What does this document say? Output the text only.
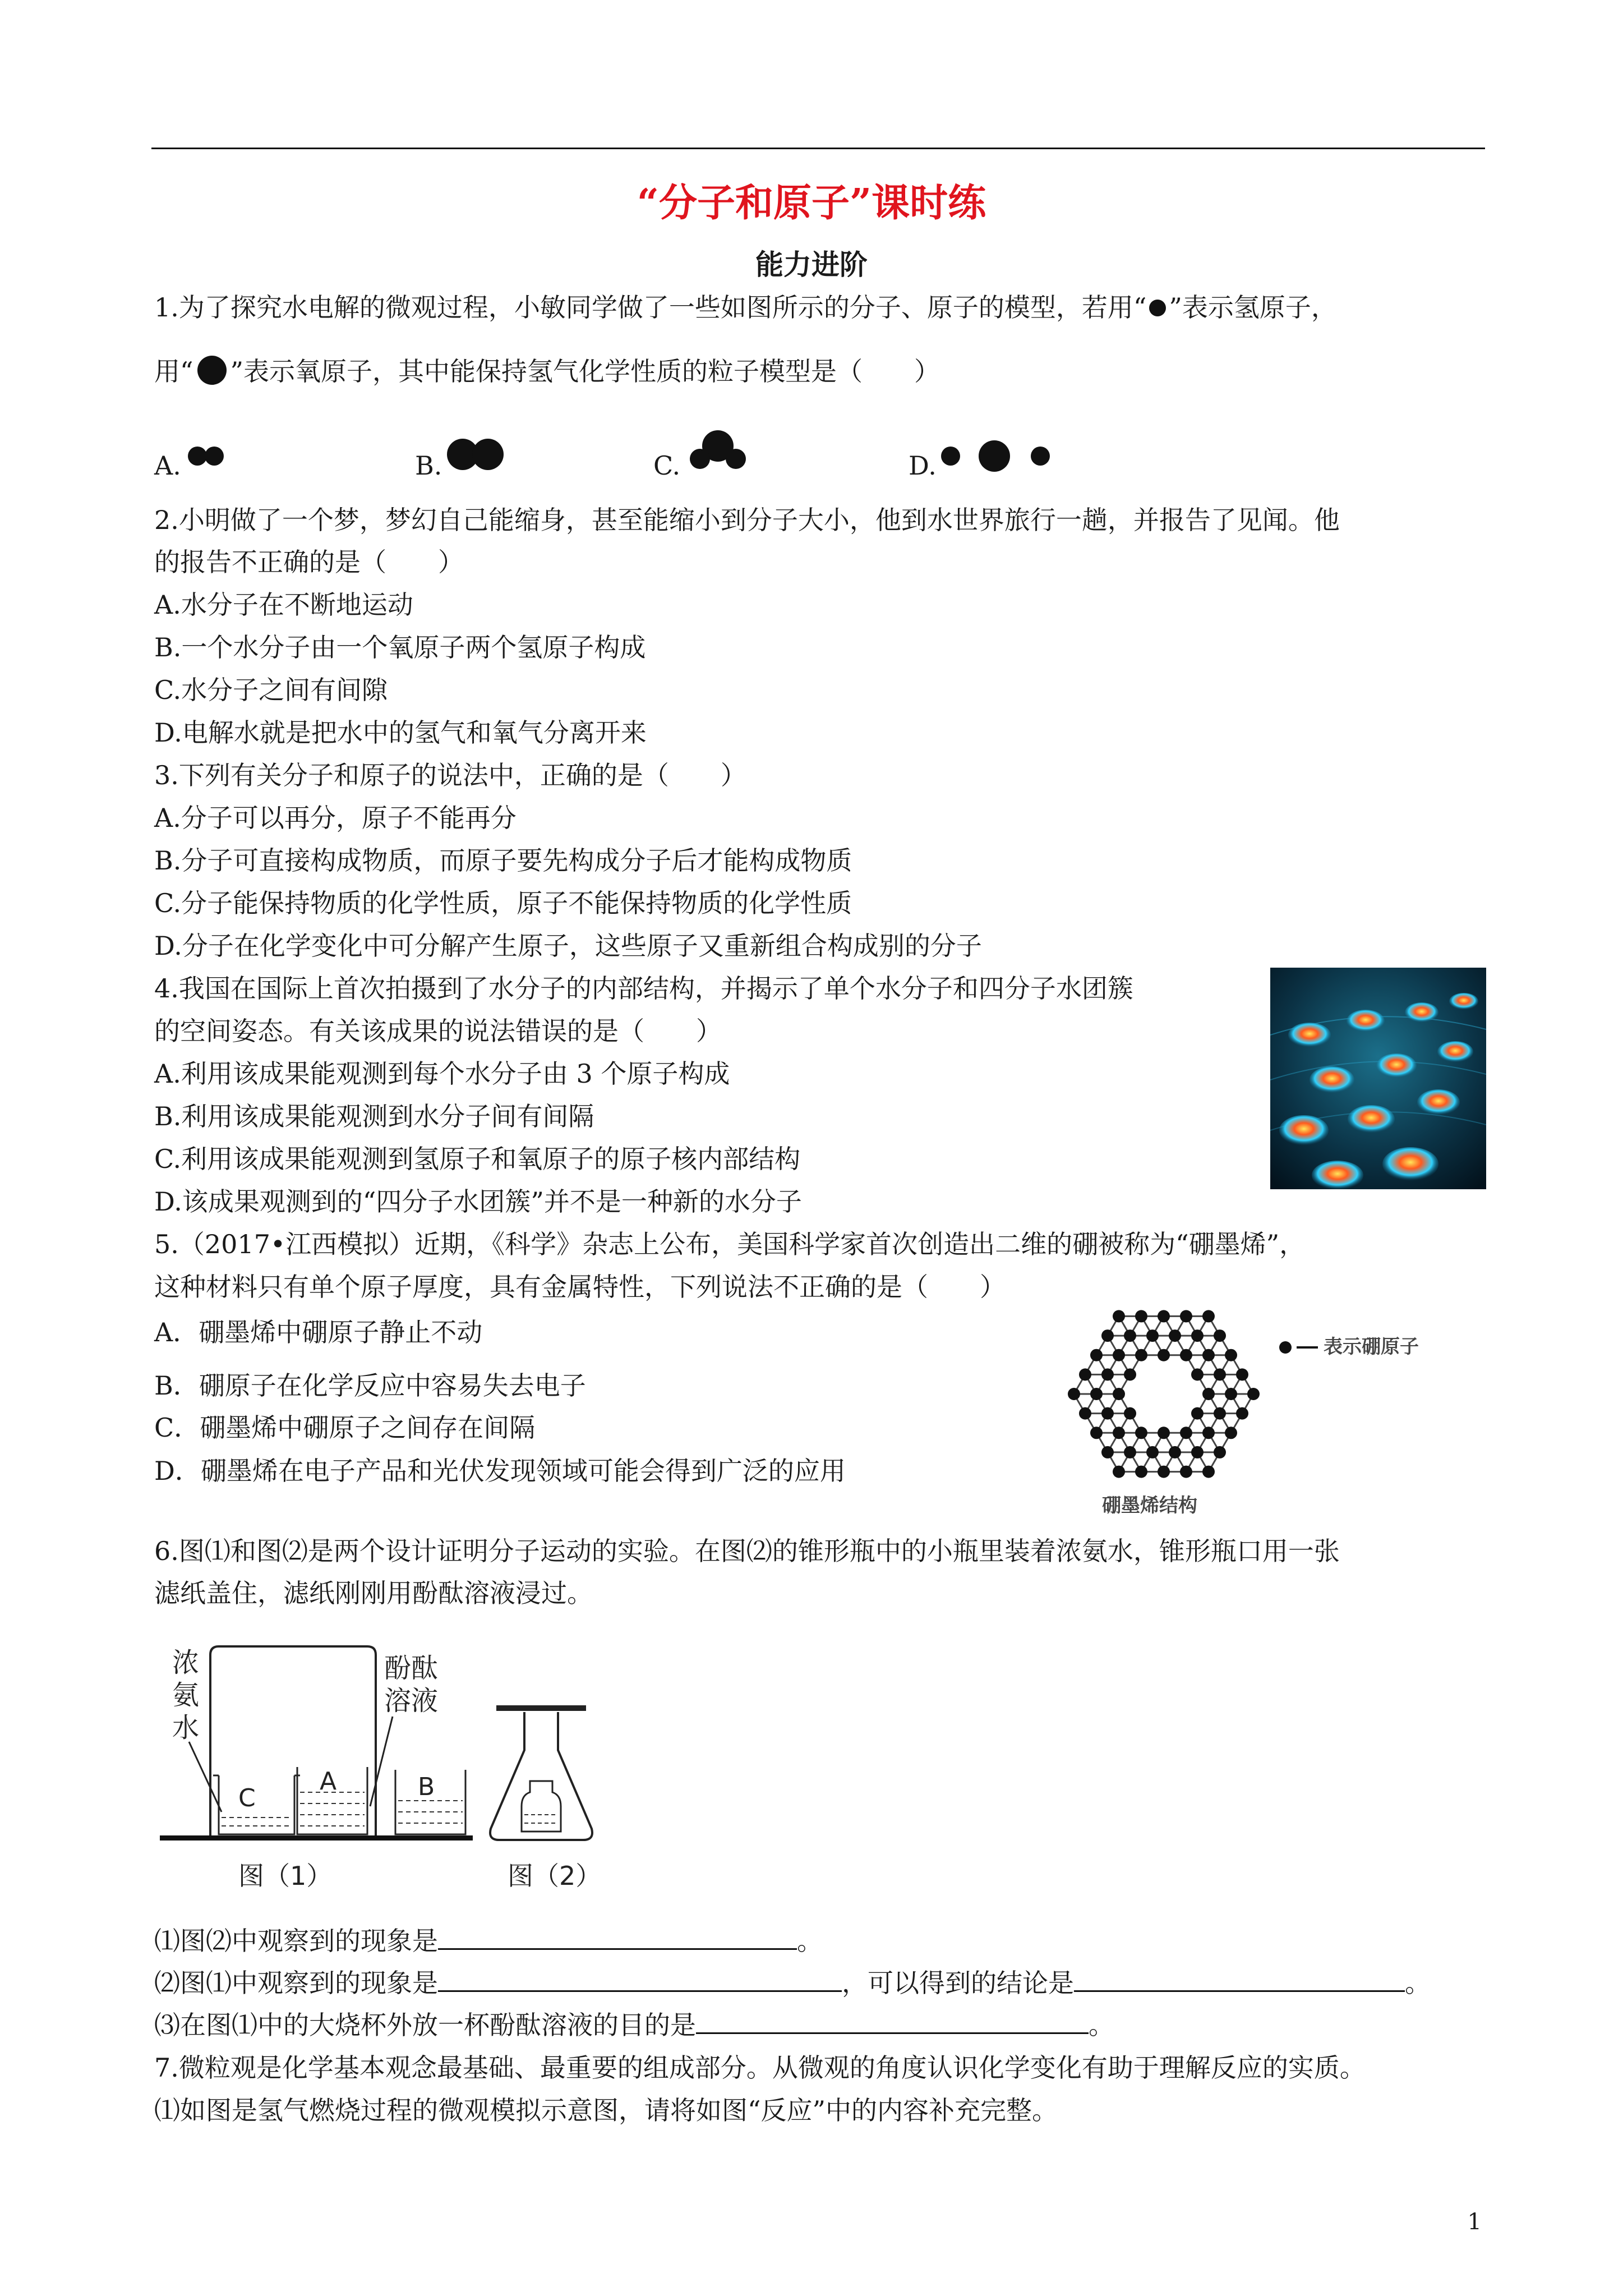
“分子和原子”课时练
能力进阶
1.为了探究水电解的微观过程，小敏同学做了一些如图所示的分子、原子的模型，若用“ ”表示氢原子，
用“ ”表示氧原子，其中能保持氢气化学性质的粒子模型是（　　）
A.	B.	C.	D.
2.小明做了一个梦，梦幻自己能缩身，甚至能缩小到分子大小，他到水世界旅行一趟，并报告了见闻。他
的报告不正确的是（　　）
A.水分子在不断地运动
B.一个水分子由一个氧原子两个氢原子构成
C.水分子之间有间隙
D.电解水就是把水中的氢气和氧气分离开来
3.下列有关分子和原子的说法中，正确的是（　　）
A.分子可以再分，原子不能再分
B.分子可直接构成物质，而原子要先构成分子后才能构成物质
C.分子能保持物质的化学性质，原子不能保持物质的化学性质
D.分子在化学变化中可分解产生原子，这些原子又重新组合构成别的分子
4.我国在国际上首次拍摄到了水分子的内部结构，并揭示了单个水分子和四分子水团簇
的空间姿态。有关该成果的说法错误的是（　　）
A.利用该成果能观测到每个水分子由 3 个原子构成
B.利用该成果能观测到水分子间有间隔
C.利用该成果能观测到氢原子和氧原子的原子核内部结构
D.该成果观测到的“四分子水团簇”并不是一种新的水分子
5.（2017•江西模拟）近期，《科学》杂志上公布，美国科学家首次创造出二维的硼被称为“硼墨烯”，
这种材料只有单个原子厚度，具有金属特性，下列说法不正确的是（　　）
A．硼墨烯中硼原子静止不动
B．硼原子在化学反应中容易失去电子
C．硼墨烯中硼原子之间存在间隔
D．硼墨烯在电子产品和光伏发现领域可能会得到广泛的应用
表示硼原子
硼墨烯结构
6.图⑴和图⑵是两个设计证明分子运动的实验。在图⑵的锥形瓶中的小瓶里装着浓氨水，锥形瓶口用一张
滤纸盖住，滤纸刚刚用酚酞溶液浸过。
浓
氨
水
C
A
酚酞
溶液
B
图（1）	图（2）
⑴图⑵中观察到的现象是	。
⑵图⑴中观察到的现象是	，可以得到的结论是	。
⑶在图⑴中的大烧杯外放一杯酚酞溶液的目的是	。
7.微粒观是化学基本观念最基础、最重要的组成部分。从微观的角度认识化学变化有助于理解反应的实质。
⑴如图是氢气燃烧过程的微观模拟示意图，请将如图“反应”中的内容补充完整。
1
